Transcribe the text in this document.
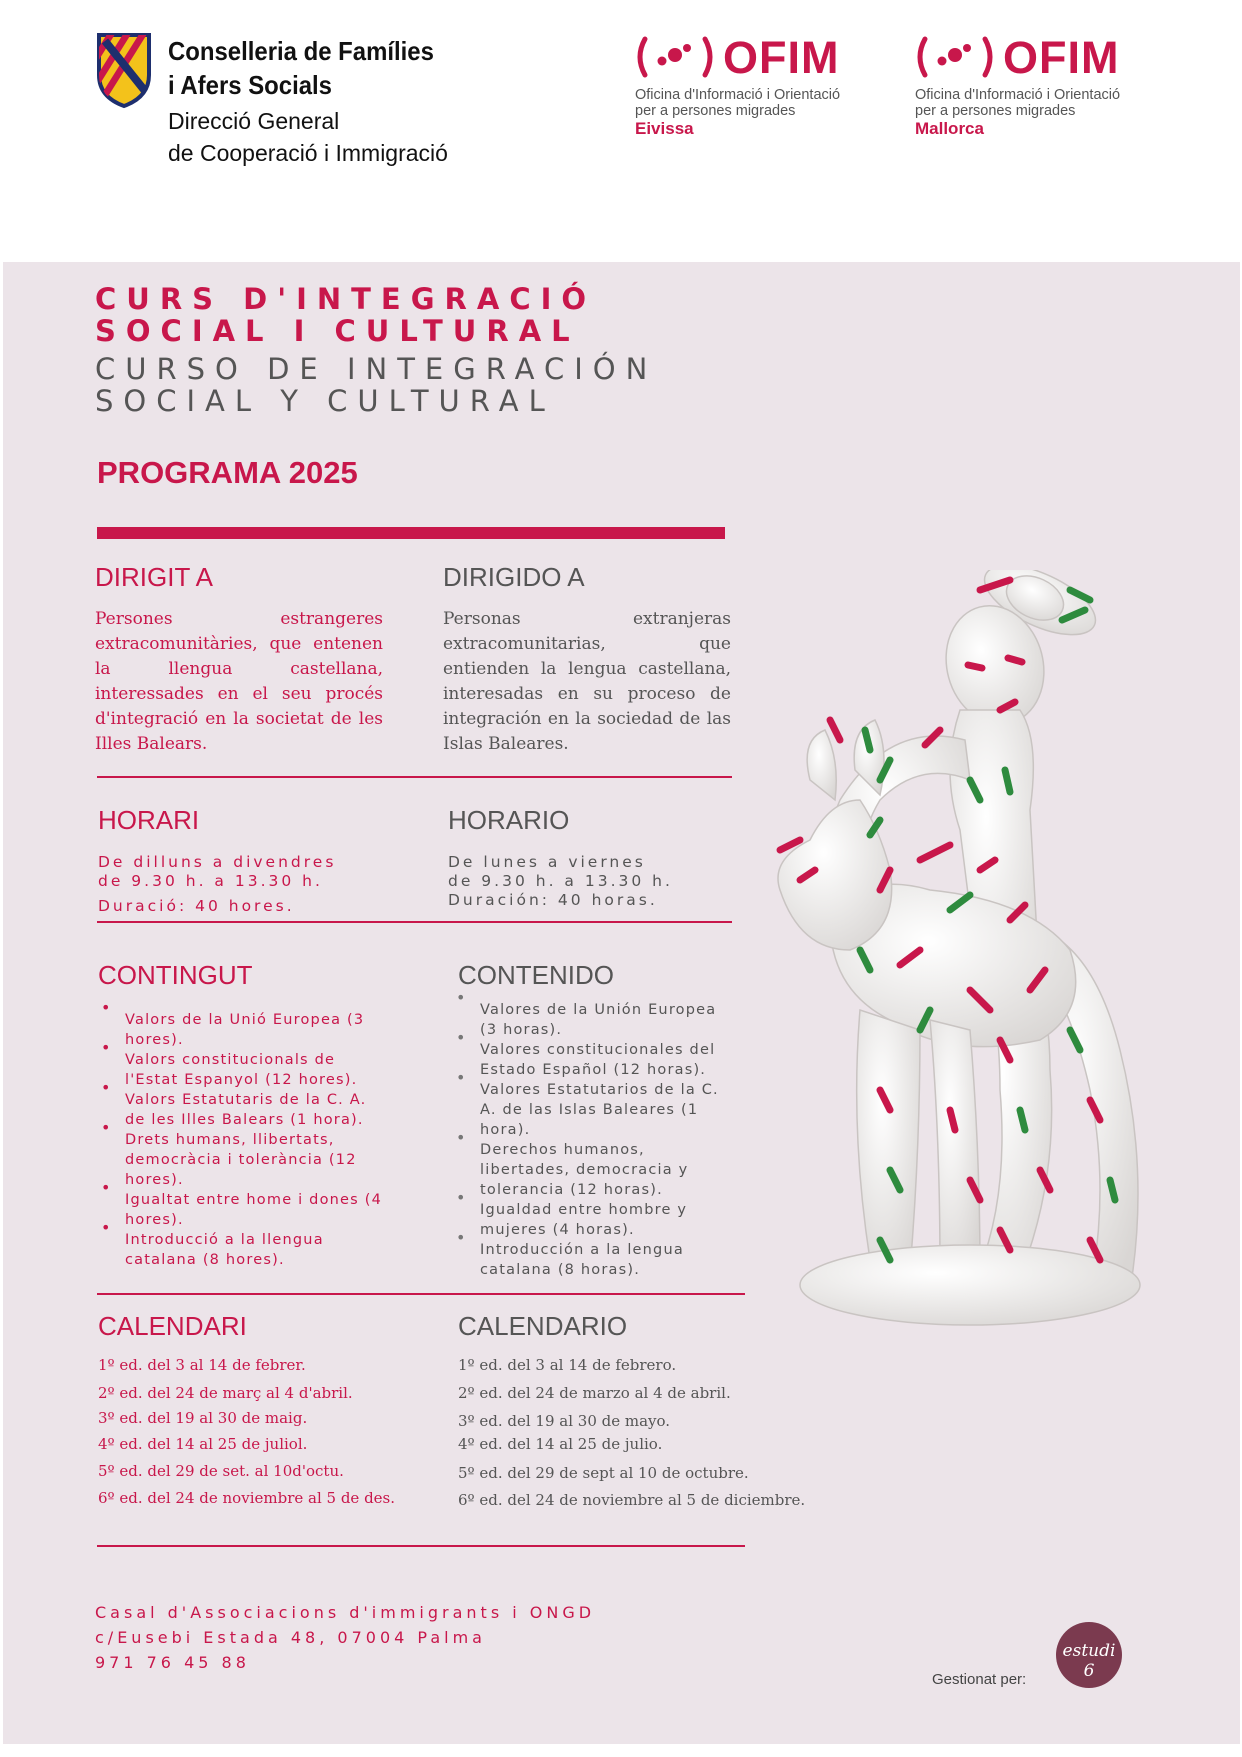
Conselleria de Famílies
i Afers Socials
Direcció General
de Cooperació i Immigració
OFIM
Oficina d'Informació i Orientació
per a persones migrades
Eivissa
OFIM
Oficina d'Informació i Orientació
per a persones migrades
Mallorca
CURS D'INTEGRACIÓ
SOCIAL I CULTURAL
CURSO DE INTEGRACIÓN
SOCIAL Y CULTURAL
PROGRAMA 2025
DIRIGIT A	DIRIGIDO A
Persones estrangeres extracomunitàries, que entenen la llengua castellana, interessades en el seu procés d'integració en la societat de les Illes Balears.
Personas extranjeras extracomunitarias, que entienden la lengua castellana, interesadas en su proceso de integración en la sociedad de las Islas Baleares.
HORARI	HORARIO
De dilluns a divendres
de 9.30 h. a 13.30 h.
Duració: 40 hores.
De lunes a viernes
de 9.30 h. a 13.30 h.
Duración: 40 horas.
CONTINGUT	CONTENIDO
• Valors de la Unió Europea (3 hores).
• Valors constitucionals de l'Estat Espanyol (12 hores).
• Valors Estatutaris de la C. A. de les Illes Balears (1 hora).
• Drets humans, llibertats, democràcia i tolerància (12 hores).
• Igualtat entre home i dones (4 hores).
• Introducció a la llengua catalana (8 hores).
• Valores de la Unión Europea (3 horas).
• Valores constitucionales del Estado Español (12 horas).
• Valores Estatutarios de la C. A. de las Islas Baleares (1 hora).
• Derechos humanos, libertades, democracia y tolerancia (12 horas).
• Igualdad entre hombre y mujeres (4 horas).
• Introducción a la lengua catalana (8 horas).
CALENDARI	CALENDARIO
1º ed. del 3 al 14 de febrer.
2º ed. del 24 de març al 4 d'abril.
3º ed. del 19 al 30 de maig.
4º ed. del 14 al 25 de juliol.
5º ed. del 29 de set. al 10d'octu.
6º ed. del 24 de noviembre al 5 de des.
1º ed. del 3 al 14 de febrero.
2º ed. del 24 de marzo al 4 de abril.
3º ed. del 19 al 30 de mayo.
4º ed. del 14 al 25 de julio.
5º ed. del 29 de sept al 10 de octubre.
6º ed. del 24 de noviembre al 5 de diciembre.
Casal d'Associacions d'immigrants i ONGD
c/Eusebi Estada 48, 07004 Palma
971 76 45 88
Gestionat per:
estudi 6
